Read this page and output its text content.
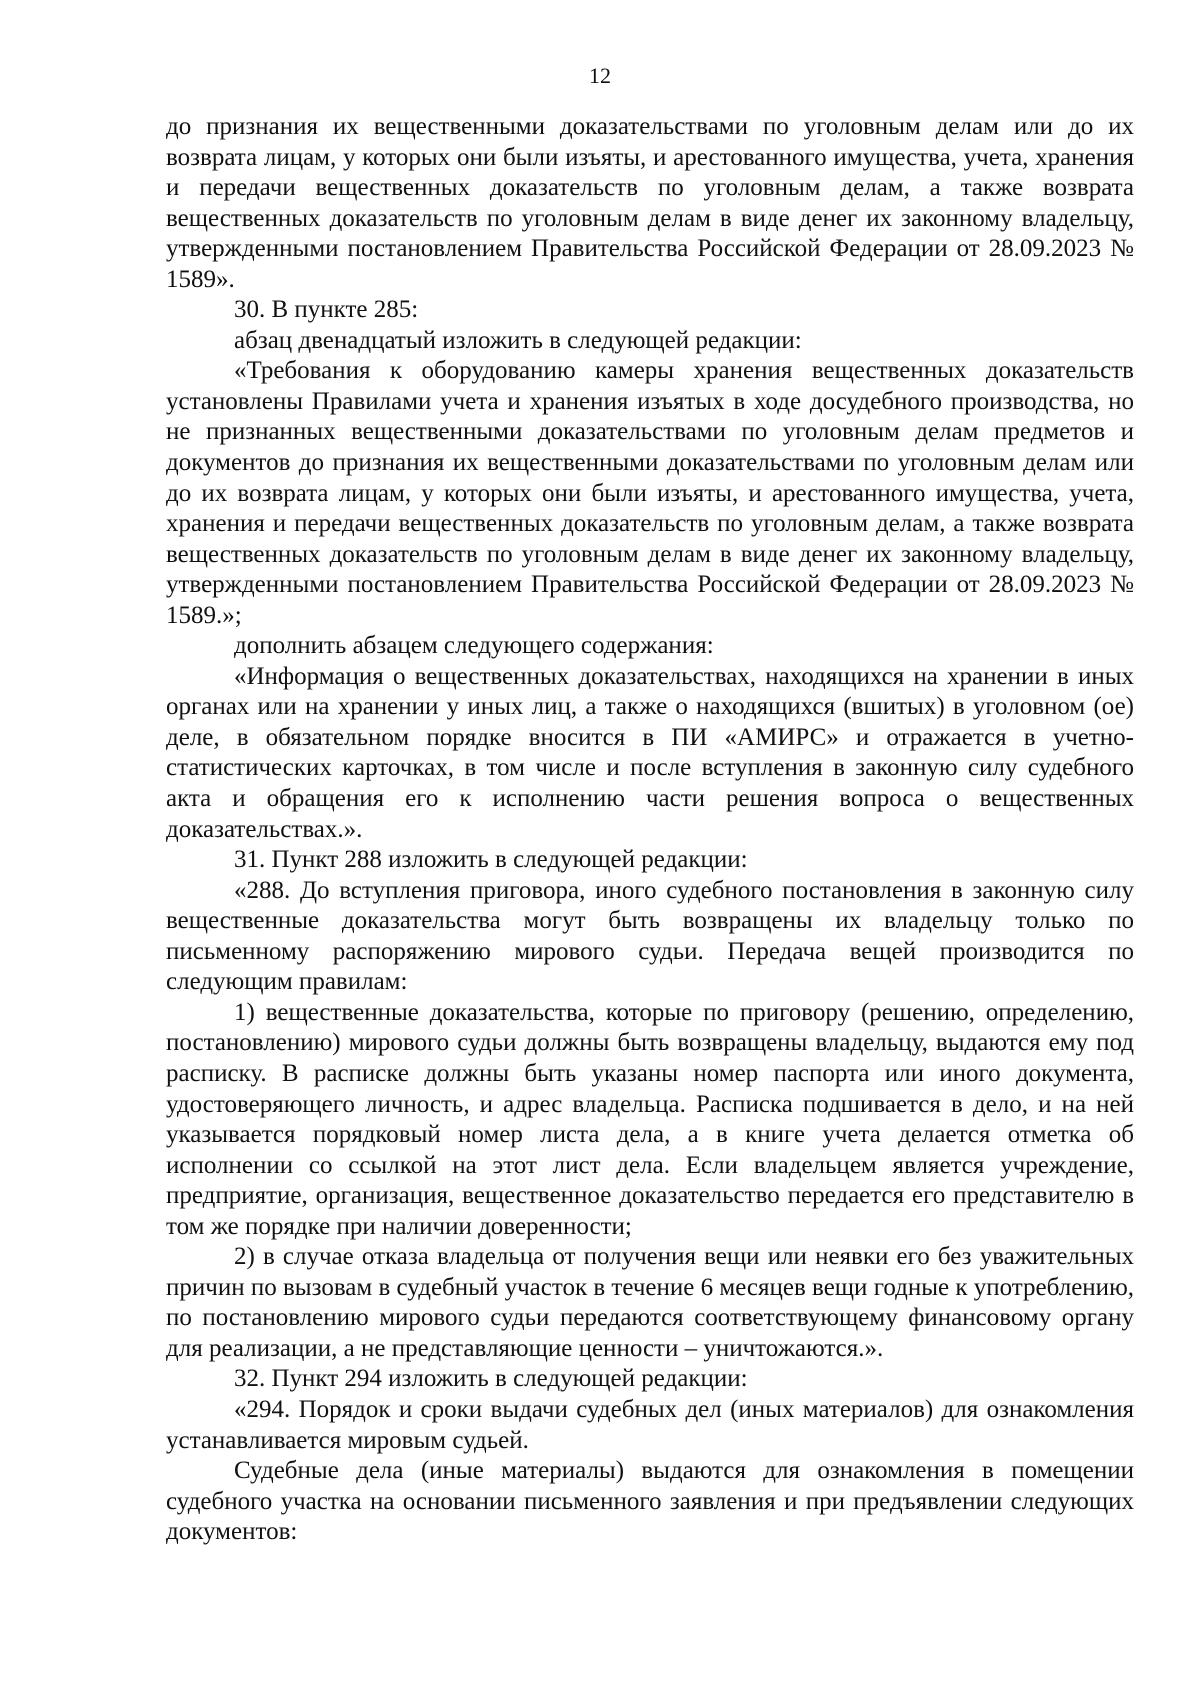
12

до признания их вещественными доказательствами по уголовным делам или до их возврата лицам, у которых они были изъяты, и арестованного имущества, учета, хранения и передачи вещественных доказательств по уголовным делам, а также возврата вещественных доказательств по уголовным делам в виде денег их законному владельцу, утвержденными постановлением Правительства Российской Федерации от 28.09.2023 № 1589».

30. В пункте 285:

абзац двенадцатый изложить в следующей редакции:

«Требования к оборудованию камеры хранения вещественных доказательств установлены Правилами учета и хранения изъятых в ходе досудебного производства, но не признанных вещественными доказательствами по уголовным делам предметов и документов до признания их вещественными доказательствами по уголовным делам или до их возврата лицам, у которых они были изъяты, и арестованного имущества, учета, хранения и передачи вещественных доказательств по уголовным делам, а также возврата вещественных доказательств по уголовным делам в виде денег их законному владельцу, утвержденными постановлением Правительства Российской Федерации от 28.09.2023 № 1589.»;

дополнить абзацем следующего содержания:

«Информация о вещественных доказательствах, находящихся на хранении в иных органах или на хранении у иных лиц, а также о находящихся (вшитых) в уголовном (ое) деле, в обязательном порядке вносится в ПИ «АМИРС» и отражается в учетно-статистических карточках, в том числе и после вступления в законную силу судебного акта и обращения его к исполнению части решения вопроса о вещественных доказательствах.».

31. Пункт 288 изложить в следующей редакции:

«288. До вступления приговора, иного судебного постановления в законную силу вещественные доказательства могут быть возвращены их владельцу только по письменному распоряжению мирового судьи. Передача вещей производится по следующим правилам:

1) вещественные доказательства, которые по приговору (решению, определению, постановлению) мирового судьи должны быть возвращены владельцу, выдаются ему под расписку. В расписке должны быть указаны номер паспорта или иного документа, удостоверяющего личность, и адрес владельца. Расписка подшивается в дело, и на ней указывается порядковый номер листа дела, а в книге учета делается отметка об исполнении со ссылкой на этот лист дела. Если владельцем является учреждение, предприятие, организация, вещественное доказательство передается его представителю в том же порядке при наличии доверенности;

2) в случае отказа владельца от получения вещи или неявки его без уважительных причин по вызовам в судебный участок в течение 6 месяцев вещи годные к употреблению, по постановлению мирового судьи передаются соответствующему финансовому органу для реализации, а не представляющие ценности – уничтожаются.».

32. Пункт 294 изложить в следующей редакции:

«294. Порядок и сроки выдачи судебных дел (иных материалов) для ознакомления устанавливается мировым судьей.

Судебные дела (иные материалы) выдаются для ознакомления в помещении судебного участка на основании письменного заявления и при предъявлении следующих документов:
